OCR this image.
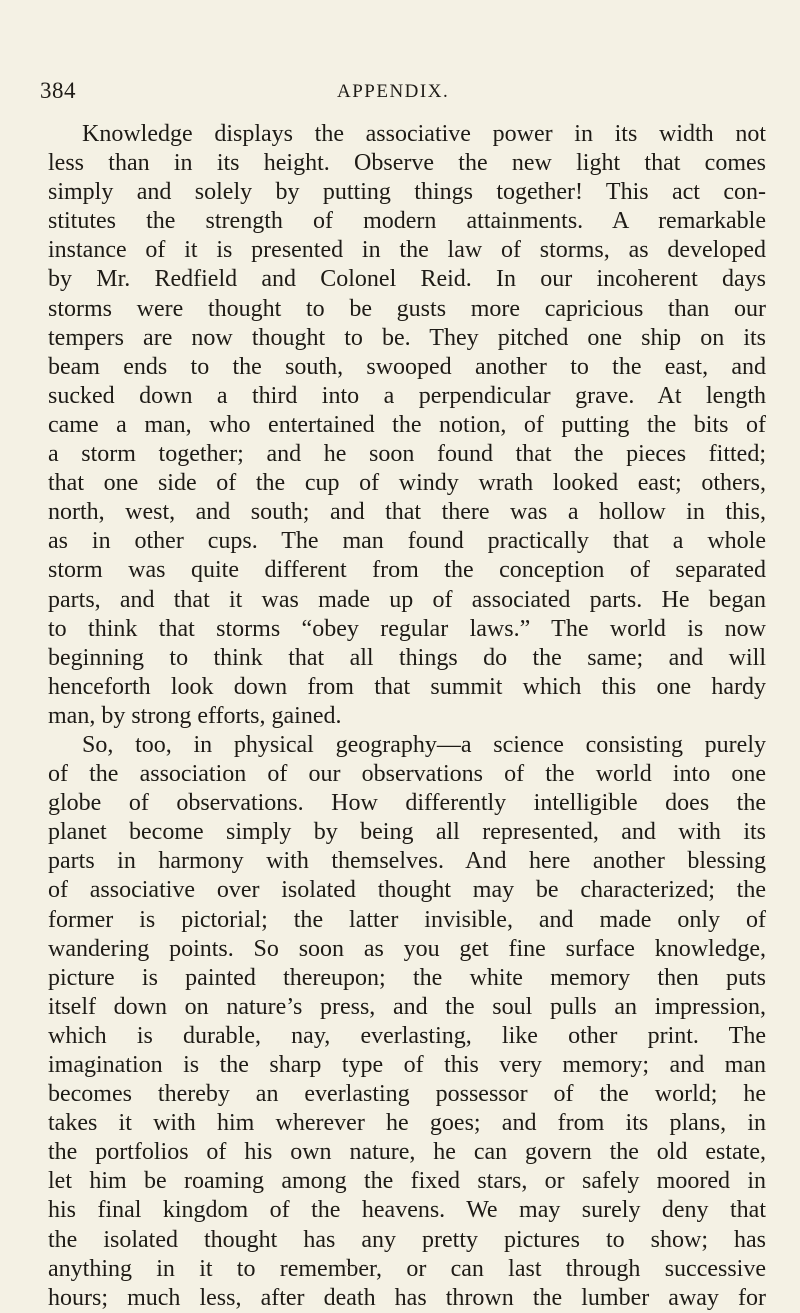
384	APPENDIX.
Knowledge displays the associative power in its width not
less than in its height. Observe the new light that comes
simply and solely by putting things together! This act con-
stitutes the strength of modern attainments. A remarkable
instance of it is presented in the law of storms, as developed
by Mr. Redfield and Colonel Reid. In our incoherent days
storms were thought to be gusts more capricious than our
tempers are now thought to be. They pitched one ship on its
beam ends to the south, swooped another to the east, and
sucked down a third into a perpendicular grave. At length
came a man, who entertained the notion, of putting the bits of
a storm together; and he soon found that the pieces fitted;
that one side of the cup of windy wrath looked east; others,
north, west, and south; and that there was a hollow in this,
as in other cups. The man found practically that a whole
storm was quite different from the conception of separated
parts, and that it was made up of associated parts. He began
to think that storms “obey regular laws.” The world is now
beginning to think that all things do the same; and will
henceforth look down from that summit which this one hardy
man, by strong efforts, gained.
So, too, in physical geography—a science consisting purely
of the association of our observations of the world into one
globe of observations. How differently intelligible does the
planet become simply by being all represented, and with its
parts in harmony with themselves. And here another blessing
of associative over isolated thought may be characterized; the
former is pictorial; the latter invisible, and made only of
wandering points. So soon as you get fine surface knowledge,
picture is painted thereupon; the white memory then puts
itself down on nature’s press, and the soul pulls an impression,
which is durable, nay, everlasting, like other print. The
imagination is the sharp type of this very memory; and man
becomes thereby an everlasting possessor of the world; he
takes it with him wherever he goes; and from its plans, in
the portfolios of his own nature, he can govern the old estate,
let him be roaming among the fixed stars, or safely moored in
his final kingdom of the heavens. We may surely deny that
the isolated thought has any pretty pictures to show; has
anything in it to remember, or can last through successive
hours; much less, after death has thrown the lumber away for
